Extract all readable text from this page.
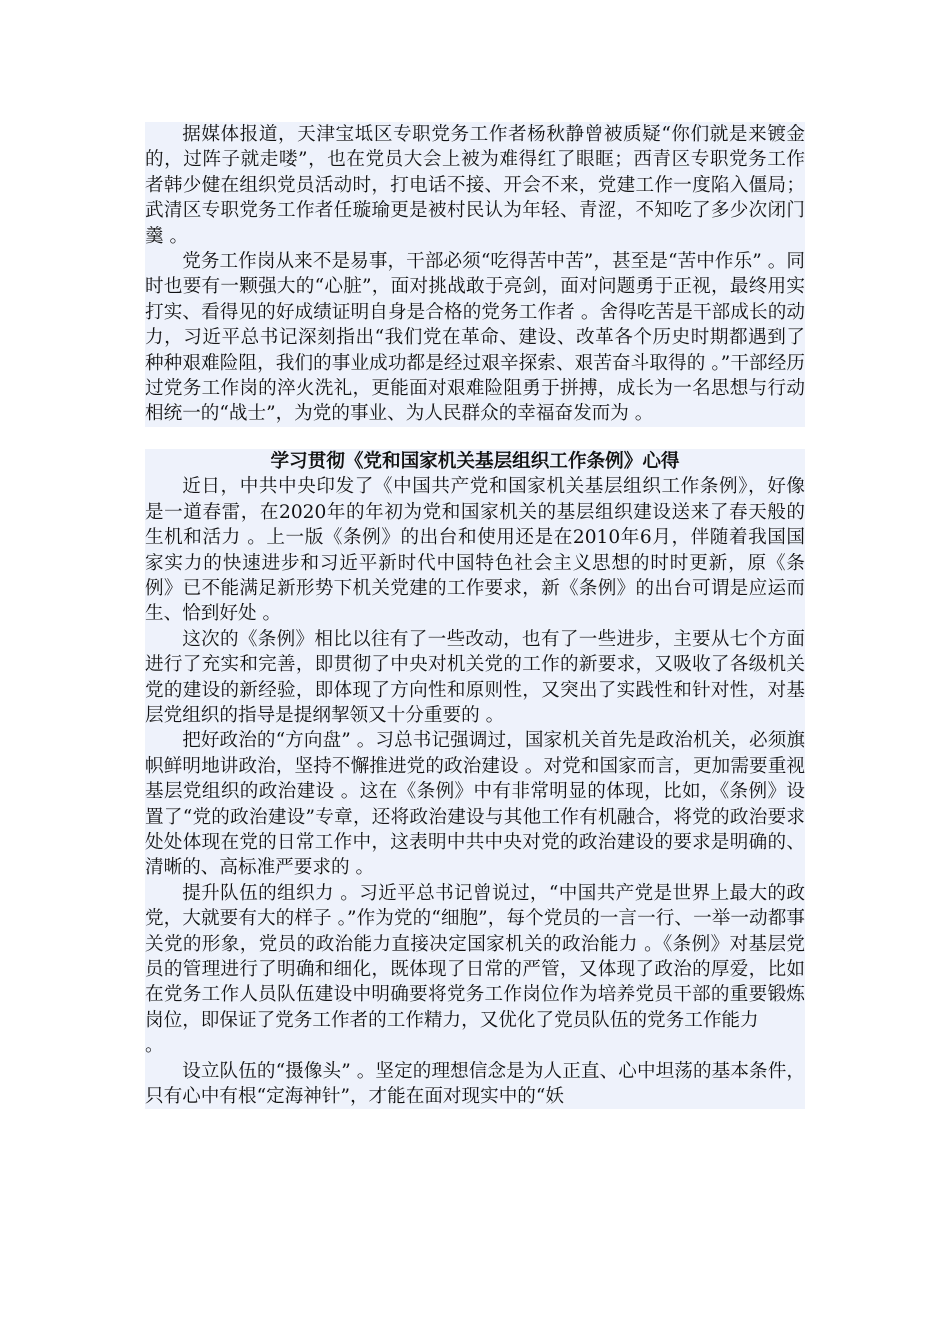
据媒体报道，天津宝坻区专职党务工作者杨秋静曾被质疑“你们就是来镀金的，过阵子就走喽”，也在党员大会上被为难得红了眼眶；西青区专职党务工作者韩少健在组织党员活动时，打电话不接、开会不来，党建工作一度陷入僵局；武清区专职党务工作者任璇瑜更是被村民认为年轻、青涩，不知吃了多少次闭门羹 。

党务工作岗从来不是易事，干部必须“吃得苦中苦”，甚至是“苦中作乐” 。同时也要有一颗强大的“心脏”，面对挑战敢于亮剑，面对问题勇于正视，最终用实打实、看得见的好成绩证明自身是合格的党务工作者 。舍得吃苦是干部成长的动力，习近平总书记深刻指出“我们党在革命、建设、改革各个历史时期都遇到了种种艰难险阻，我们的事业成功都是经过艰辛探索、艰苦奋斗取得的 。”干部经历过党务工作岗的淬火洗礼，更能面对艰难险阻勇于拼搏，成长为一名思想与行动相统一的“战士”，为党的事业、为人民群众的幸福奋发而为 。

学习贯彻《党和国家机关基层组织工作条例》心得

近日，中共中央印发了《中国共产党和国家机关基层组织工作条例》，好像是一道春雷，在2020年的年初为党和国家机关的基层组织建设送来了春天般的生机和活力 。上一版《条例》的出台和使用还是在2010年6月，伴随着我国国家实力的快速进步和习近平新时代中国特色社会主义思想的时时更新，原《条例》已不能满足新形势下机关党建的工作要求，新《条例》的出台可谓是应运而生、恰到好处 。

这次的《条例》相比以往有了一些改动，也有了一些进步，主要从七个方面进行了充实和完善，即贯彻了中央对机关党的工作的新要求，又吸收了各级机关党的建设的新经验，即体现了方向性和原则性，又突出了实践性和针对性，对基层党组织的指导是提纲挈领又十分重要的 。

把好政治的“方向盘” 。习总书记强调过，国家机关首先是政治机关，必须旗帜鲜明地讲政治，坚持不懈推进党的政治建设 。对党和国家而言，更加需要重视基层党组织的政治建设 。这在《条例》中有非常明显的体现，比如，《条例》设置了“党的政治建设”专章，还将政治建设与其他工作有机融合，将党的政治要求处处体现在党的日常工作中，这表明中共中央对党的政治建设的要求是明确的、清晰的、高标准严要求的 。

提升队伍的组织力 。习近平总书记曾说过，“中国共产党是世界上最大的政党，大就要有大的样子 。”作为党的“细胞”，每个党员的一言一行、一举一动都事关党的形象，党员的政治能力直接决定国家机关的政治能力 。《条例》对基层党员的管理进行了明确和细化，既体现了日常的严管，又体现了政治的厚爱，比如在党务工作人员队伍建设中明确要将党务工作岗位作为培养党员干部的重要锻炼岗位，即保证了党务工作者的工作精力，又优化了党员队伍的党务工作能力

。

设立队伍的“摄像头” 。坚定的理想信念是为人正直、心中坦荡的基本条件，只有心中有根“定海神针”，才能在面对现实中的“妖
